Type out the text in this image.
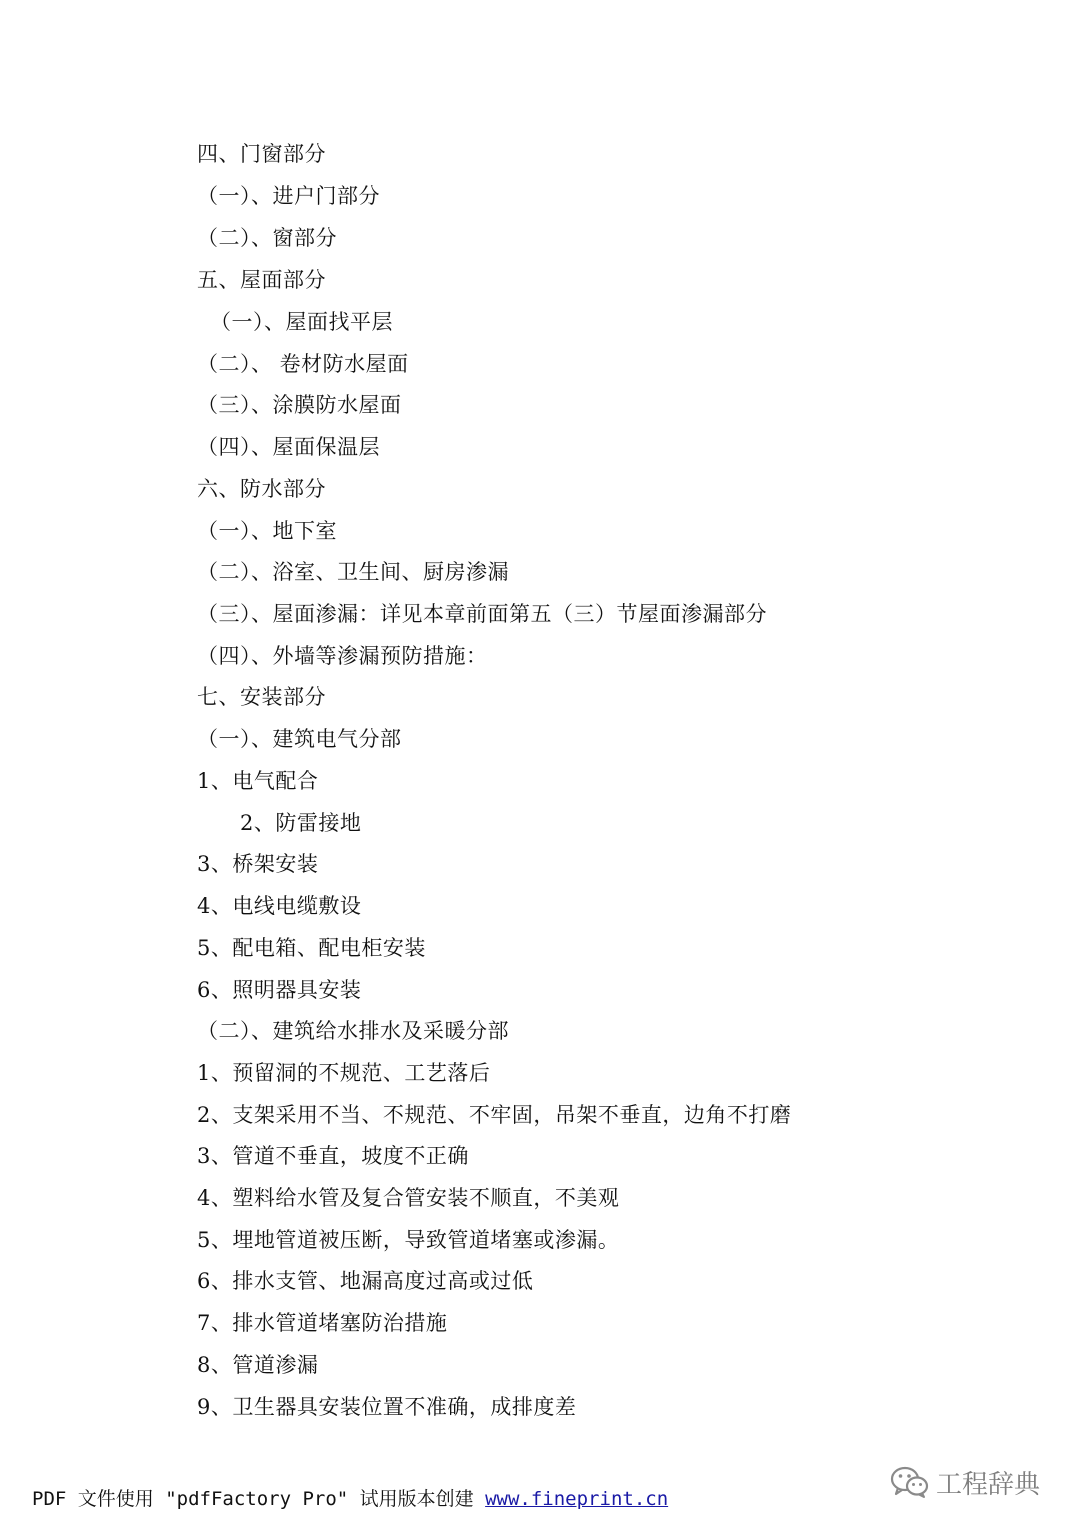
四、门窗部分
（一）、进户门部分
（二）、窗部分
五、屋面部分
（一）、屋面找平层
（二）、 卷材防水屋面
（三）、涂膜防水屋面
（四）、屋面保温层
六、防水部分
（一）、地下室
（二）、浴室、卫生间、厨房渗漏
（三）、屋面渗漏：详见本章前面第五（三）节屋面渗漏部分
（四）、外墙等渗漏预防措施：
七、安装部分
（一）、建筑电气分部
1、电气配合
2、防雷接地
3、桥架安装
4、电线电缆敷设
5、配电箱、配电柜安装
6、照明器具安装
（二）、建筑给水排水及采暖分部
1、预留洞的不规范、工艺落后
2、支架采用不当、不规范、不牢固，吊架不垂直，边角不打磨
3、管道不垂直，坡度不正确
4、塑料给水管及复合管安装不顺直，不美观
5、埋地管道被压断，导致管道堵塞或渗漏。
6、排水支管、地漏高度过高或过低
7、排水管道堵塞防治措施
8、管道渗漏
9、卫生器具安装位置不准确，成排度差
工程辞典
PDF 文件使用 "pdfFactory Pro" 试用版本创建 www.fineprint.cn
